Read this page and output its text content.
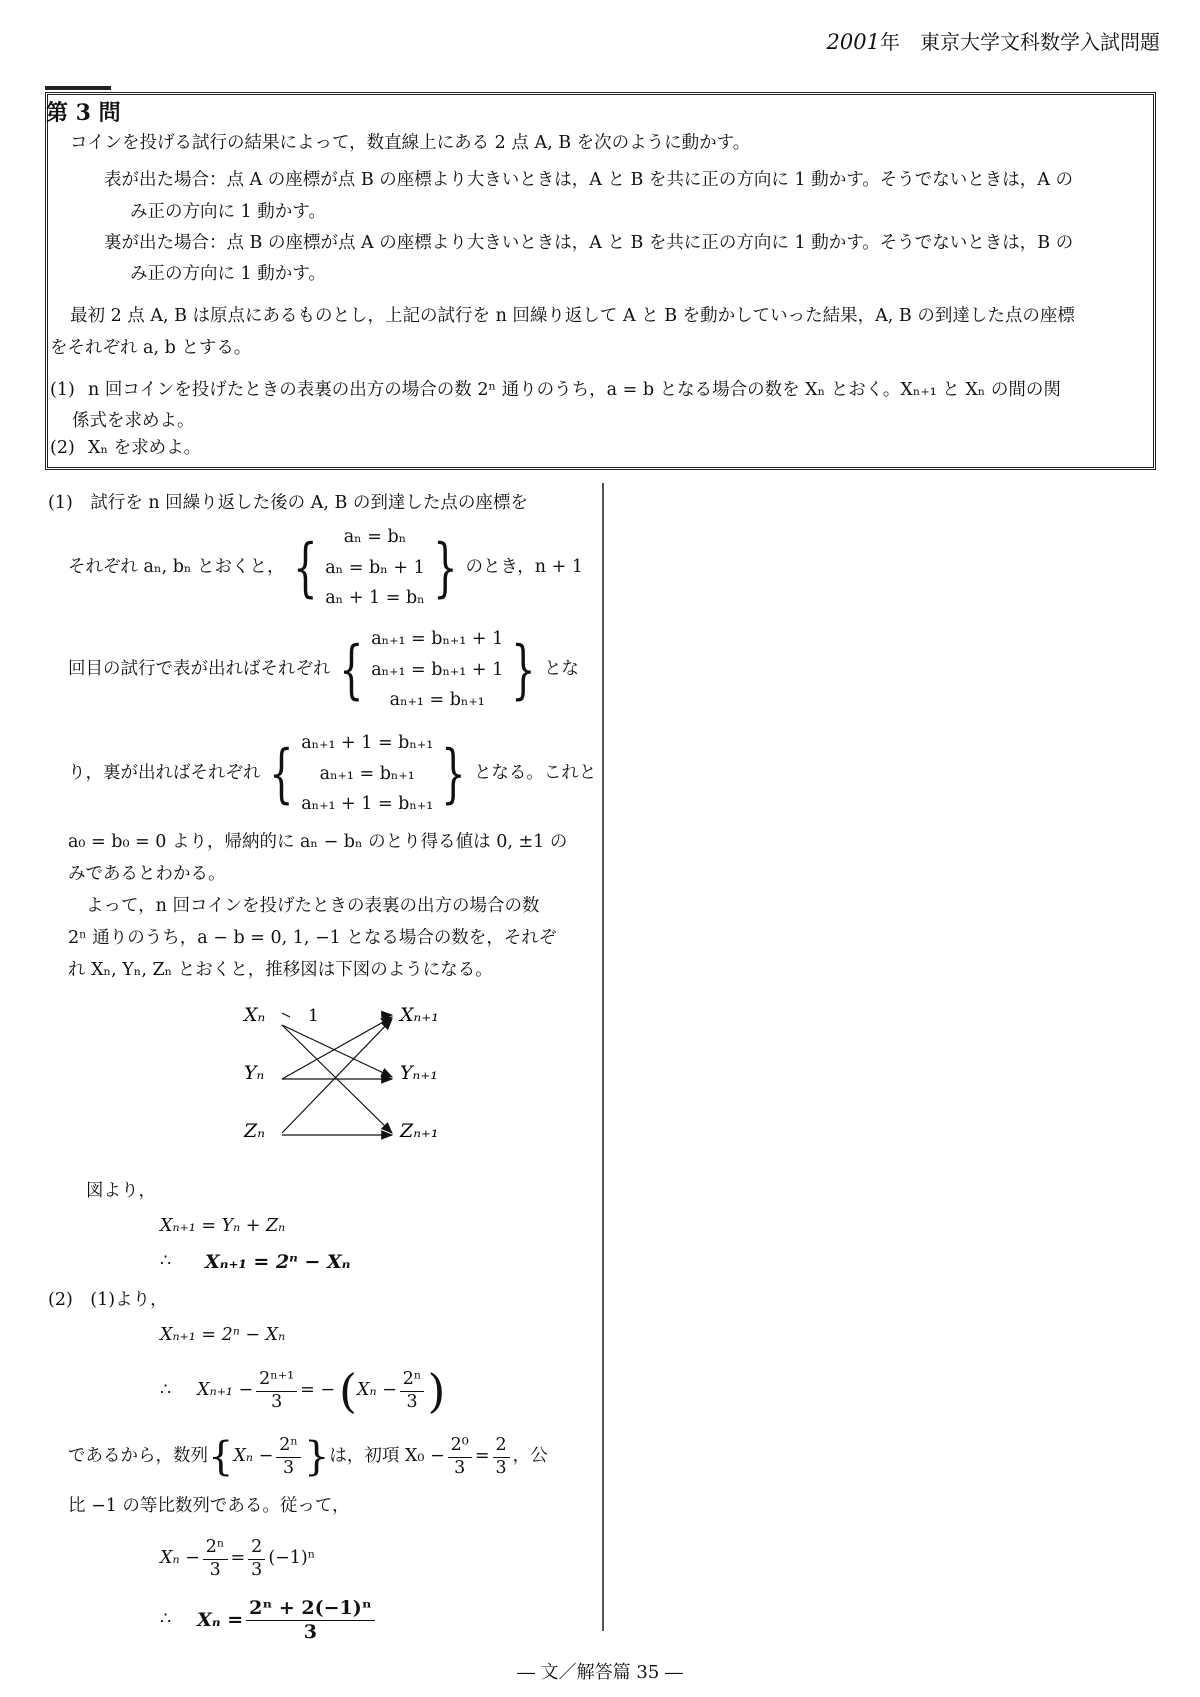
2001年　東京大学文科数学入試問題
第 3 問
コインを投げる試行の結果によって，数直線上にある 2 点 A, B を次のように動かす。
表が出た場合：点 A の座標が点 B の座標より大きいときは，A と B を共に正の方向に 1 動かす。そうでないときは，A の
み正の方向に 1 動かす。
裏が出た場合：点 B の座標が点 A の座標より大きいときは，A と B を共に正の方向に 1 動かす。そうでないときは，B の
み正の方向に 1 動かす。
最初 2 点 A, B は原点にあるものとし，上記の試行を n 回繰り返して A と B を動かしていった結果，A, B の到達した点の座標
をそれぞれ a, b とする。
(1) n 回コインを投げたときの表裏の出方の場合の数 2ⁿ 通りのうち，a = b となる場合の数を Xₙ とおく。Xₙ₊₁ と Xₙ の間の関
係式を求めよ。
(2) Xₙ を求めよ。
(1)　試行を n 回繰り返した後の A, B の到達した点の座標を
それぞれ aₙ, bₙ とおくと， {	aₙ = bₙ
aₙ = bₙ + 1
aₙ + 1 = bₙ } のとき，n + 1
回目の試行で表が出ればそれぞれ { aₙ₊₁ = bₙ₊₁ + 1
aₙ₊₁ = bₙ₊₁ + 1
aₙ₊₁ = bₙ₊₁ } とな
り，裏が出ればそれぞれ { aₙ₊₁ + 1 = bₙ₊₁
aₙ₊₁ = bₙ₊₁
aₙ₊₁ + 1 = bₙ₊₁ } となる。これと
a₀ = b₀ = 0 より，帰納的に aₙ − bₙ のとり得る値は 0, ±1 の
みであるとわかる。
よって，n 回コインを投げたときの表裏の出方の場合の数
2ⁿ 通りのうち，a − b = 0, 1, −1 となる場合の数を，それぞ
れ Xₙ, Yₙ, Zₙ とおくと，推移図は下図のようになる。
Xₙ
Yₙ
Zₙ
Xₙ₊₁
Yₙ₊₁
Zₙ₊₁
1
図より，
Xₙ₊₁ = Yₙ + Zₙ
∴ Xₙ₊₁ = 2ⁿ − Xₙ
(2)　(1)より，
Xₙ₊₁ = 2ⁿ − Xₙ
∴ $X_{n+1} - \frac{\text{2ⁿ⁺¹}}{3}$ = − ( $X_n - \frac{\text{2ⁿ}}{3}$ )
であるから，数列 { $X_n - \frac{\text{2ⁿ}}{3}$ } は，初項 $X_0 - \frac{\text{2⁰}}{3} = \frac{2}{3}$ ，公
比 −1 の等比数列である。従って，
$X_n - \frac{\text{2ⁿ}}{3} = \frac{2}{3} (-1)^n$
∴ $X_n = \frac{\text{2ⁿ + 2(−1)ⁿ}}{3}$
― 文／解答篇 35 ―
